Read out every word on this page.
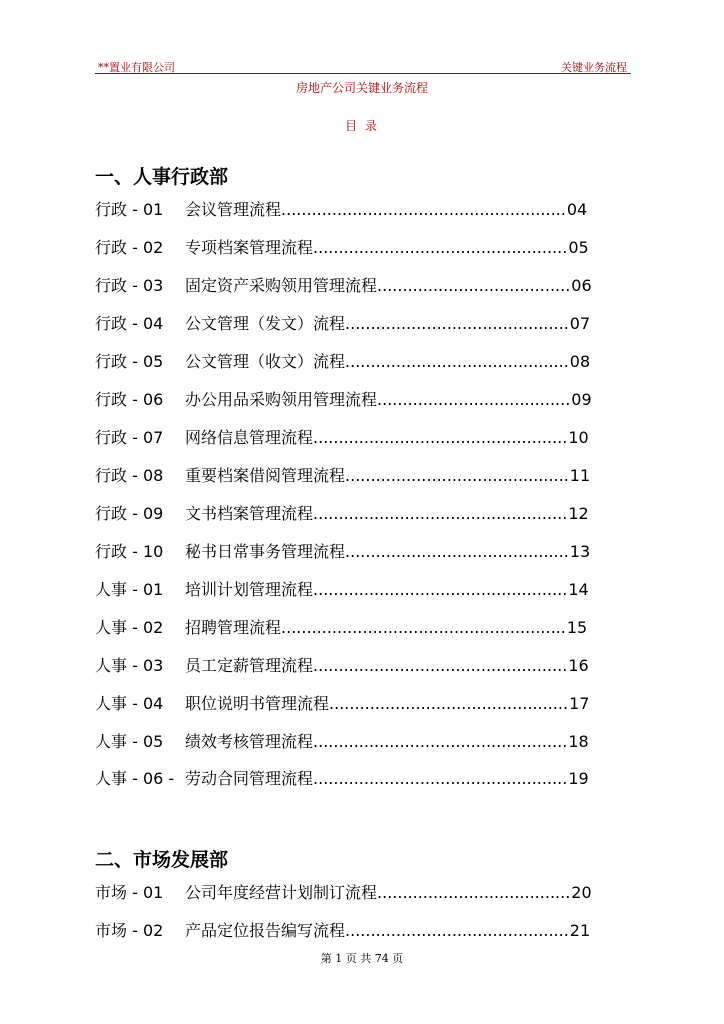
**置业有限公司	关键业务流程
房地产公司关键业务流程
目 录
一、人事行政部
行政 - 01 会议管理流程........................................................04
行政 - 02 专项档案管理流程..................................................05
行政 - 03 固定资产采购领用管理流程......................................06
行政 - 04 公文管理（发文）流程............................................07
行政 - 05 公文管理（收文）流程............................................08
行政 - 06 办公用品采购领用管理流程......................................09
行政 - 07 网络信息管理流程..................................................10
行政 - 08 重要档案借阅管理流程............................................11
行政 - 09 文书档案管理流程..................................................12
行政 - 10 秘书日常事务管理流程............................................13
人事 - 01 培训计划管理流程..................................................14
人事 - 02 招聘管理流程........................................................15
人事 - 03 员工定薪管理流程..................................................16
人事 - 04 职位说明书管理流程...............................................17
人事 - 05 绩效考核管理流程..................................................18
人事 - 06 - 劳动合同管理流程..................................................19
二、市场发展部
市场 - 01 公司年度经营计划制订流程......................................20
市场 - 02 产品定位报告编写流程............................................21
第 1 页 共 74 页
